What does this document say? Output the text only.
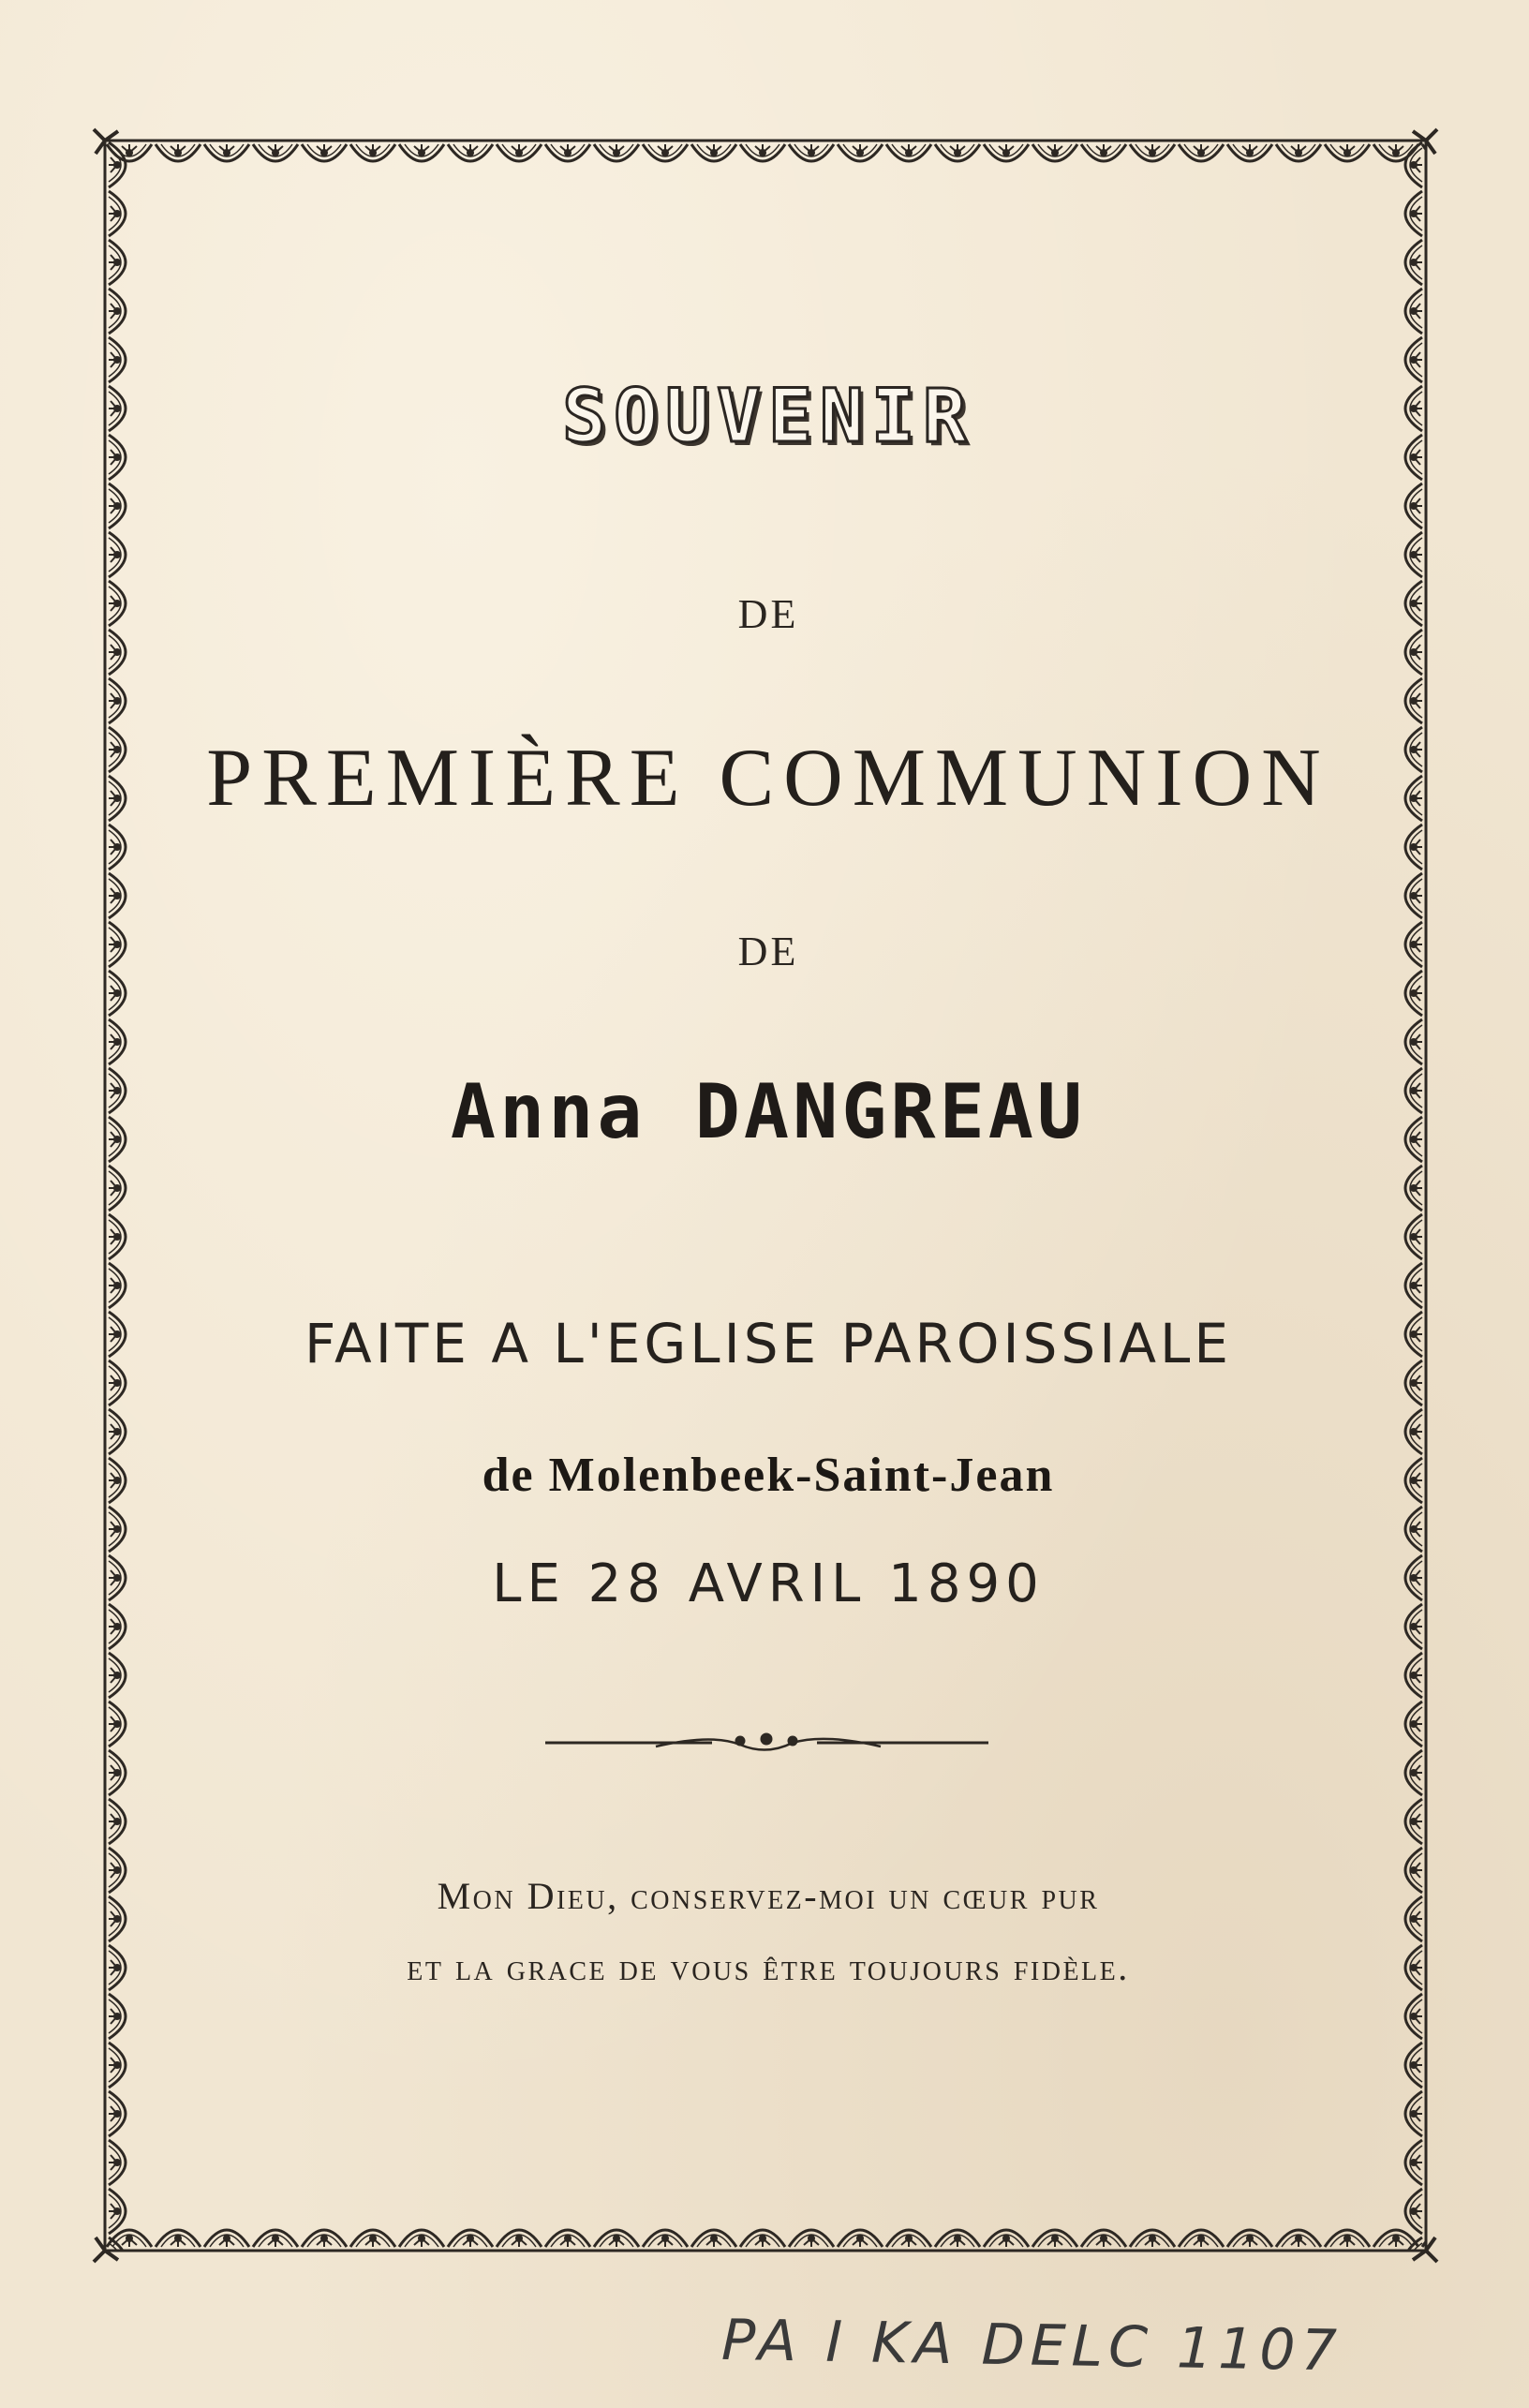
SOUVENIR
DE
PREMIÈRE COMMUNION
DE
Anna DANGREAU
FAITE A L'EGLISE PAROISSIALE
de Molenbeek-Saint-Jean
LE 28 AVRIL 1890
Mon Dieu, conservez-moi un cœur pur
et la grace de vous être toujours fidèle.
PA I KA DELC 1107
